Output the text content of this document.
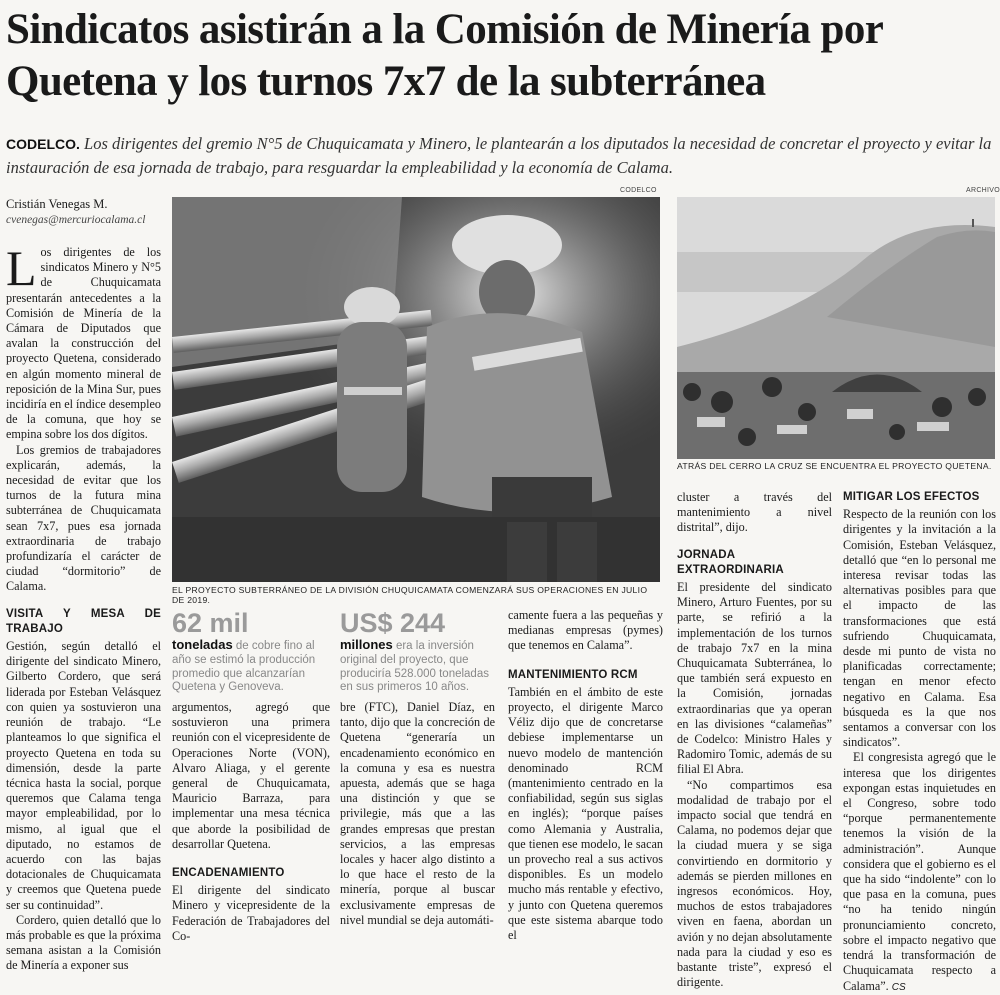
Sindicatos asistirán a la Comisión de Minería por Quetena y los turnos 7x7 de la subterránea
CODELCO. Los dirigentes del gremio N°5 de Chuquicamata y Minero, le plantearán a los diputados la necesidad de concretar el proyecto y evitar la instauración de esa jornada de trabajo, para resguardar la empleabilidad y la economía de Calama.
Cristián Venegas M.
cvenegas@mercuriocalama.cl

Los dirigentes de los sindicatos Minero y N°5 de Chuquicamata presentarán antecedentes a la Comisión de Minería de la Cámara de Diputados que avalan la construcción del proyecto Quetena, considerado en algún momento mineral de reposición de la Mina Sur, pues incidiría en el índice desempleo de la comuna, que hoy se empina sobre los dos dígitos.

Los gremios de trabajadores explicarán, además, la necesidad de evitar que los turnos de la futura mina subterránea de Chuquicamata sean 7x7, pues esa jornada extraordinaria de trabajo profundizaría el carácter de ciudad “dormitorio” de Calama.

VISITA Y MESA DE TRABAJO

Gestión, según detalló el dirigente del sindicato Minero, Gilberto Cordero, que será liderada por Esteban Velásquez con quien ya sostuvieron una reunión de trabajo. “Le planteamos lo que significa el proyecto Quetena en toda su dimensión, desde la parte técnica hasta la social, porque queremos que Calama tenga mayor empleabilidad, por lo mismo, al igual que el diputado, no estamos de acuerdo con las bajas dotacionales de Chuquicamata y creemos que Quetena puede ser su continuidad”.

Cordero, quien detalló que lo más probable es que la próxima semana asistan a la Comisión de Minería a exponer sus

CODELCO
EL PROYECTO SUBTERRÁNEO DE LA DIVISIÓN CHUQUICAMATA COMENZARÁ SUS OPERACIONES EN JULIO DE 2019.
ARCHIVO
ATRÁS DEL CERRO LA CRUZ SE ENCUENTRA EL PROYECTO QUETENA.
62 mil
toneladas de cobre fino al año se estimó la producción promedio que alcanzarían Quetena y Genoveva.
US$ 244
millones era la inversión original del proyecto, que produciría 528.000 toneladas en sus primeros 10 años.

argumentos, agregó que sostuvieron una primera reunión con el vicepresidente de Operaciones Norte (VON), Alvaro Aliaga, y el gerente general de Chuquicamata, Mauricio Barraza, para implementar una mesa técnica que aborde la posibilidad de desarrollar Quetena.

ENCADENAMIENTO

El dirigente del sindicato Minero y vicepresidente de la Federación de Trabajadores del Co-

bre (FTC), Daniel Díaz, en tanto, dijo que la concreción de Quetena “generaría un encadenamiento económico en la comuna y esa es nuestra apuesta, además que se haga una distinción y que se privilegie, más que a las grandes empresas que prestan servicios, a las empresas locales y hacer algo distinto a lo que hace el resto de la minería, porque al buscar exclusivamente empresas de nivel mundial se deja automáti-

camente fuera a las pequeñas y medianas empresas (pymes) que tenemos en Calama”.

MANTENIMIENTO RCM

También en el ámbito de este proyecto, el dirigente Marco Véliz dijo que de concretarse debiese implementarse un nuevo modelo de mantención denominado RCM (mantenimiento centrado en la confiabilidad, según sus siglas en inglés); “porque países como Alemania y Australia, que tienen ese modelo, le sacan un provecho real a sus activos disponibles. Es un modelo mucho más rentable y efectivo, y junto con Quetena queremos que este sistema abarque todo el

cluster a través del mantenimiento a nivel distrital”, dijo.

JORNADA EXTRAORDINARIA

El presidente del sindicato Minero, Arturo Fuentes, por su parte, se refirió a la implementación de los turnos de trabajo 7x7 en la mina Chuquicamata Subterránea, lo que también será expuesto en la Comisión, jornadas extraordinarias que ya operan en las divisiones “calameñas” de Codelco: Ministro Hales y Radomiro Tomic, además de su filial El Abra.

“No compartimos esa modalidad de trabajo por el impacto social que tendrá en Calama, no podemos dejar que la ciudad muera y se siga convirtiendo en dormitorio y además se pierden millones en ingresos económicos. Hoy, muchos de estos trabajadores viven en faena, abordan un avión y no dejan absolutamente nada para la ciudad y eso es bastante triste”, expresó el dirigente.

MITIGAR LOS EFECTOS

Respecto de la reunión con los dirigentes y la invitación a la Comisión, Esteban Velásquez, detalló que “en lo personal me interesa revisar todas las alternativas posibles para que el impacto de las transformaciones que está sufriendo Chuquicamata, desde mi punto de vista no planificadas correctamente; tengan en menor efecto negativo en Calama. Esa búsqueda es la que nos sentamos a conversar con los sindicatos”.

El congresista agregó que le interesa que los dirigentes expongan estas inquietudes en el Congreso, sobre todo “porque permanentemente tenemos la visión de la administración”. Aunque considera que el gobierno es el que ha sido “indolente” con lo que pasa en la comuna, pues “no ha tenido ningún pronunciamiento concreto, sobre el impacto negativo que tendrá la transformación de Chuquicamata respecto a Calama”. CS
